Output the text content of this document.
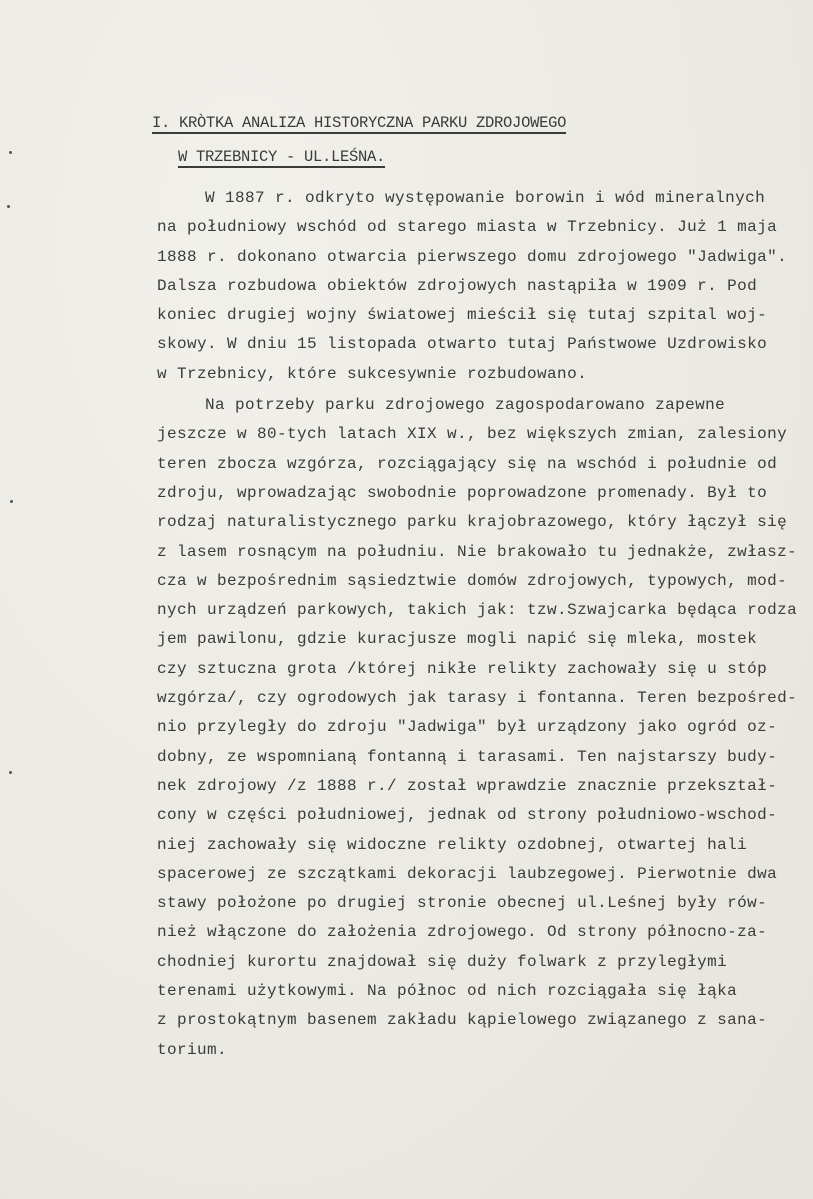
I. KRÒTKA ANALIZA HISTORYCZNA PARKU ZDROJOWEGO
W TRZEBNICY - UL.LEŚNA.
W 1887 r. odkryto występowanie borowin i wód mineralnych
na południowy wschód od starego miasta w Trzebnicy. Już 1 maja
1888 r. dokonano otwarcia pierwszego domu zdrojowego "Jadwiga".
Dalsza rozbudowa obiektów zdrojowych nastąpiła w 1909 r. Pod
koniec drugiej wojny światowej mieścił się tutaj szpital woj-
skowy. W dniu 15 listopada otwarto tutaj Państwowe Uzdrowisko
w Trzebnicy, które sukcesywnie rozbudowano.
Na potrzeby parku zdrojowego zagospodarowano zapewne
jeszcze w 80-tych latach XIX w., bez większych zmian, zalesiony
teren zbocza wzgórza, rozciągający się na wschód i południe od
zdroju, wprowadzając swobodnie poprowadzone promenady. Był to
rodzaj naturalistycznego parku krajobrazowego, który łączył się
z lasem rosnącym na południu. Nie brakowało tu jednakże, zwłasz-
cza w bezpośrednim sąsiedztwie domów zdrojowych, typowych, mod-
nych urządzeń parkowych, takich jak: tzw.Szwajcarka będąca rodza
jem pawilonu, gdzie kuracjusze mogli napić się mleka, mostek
czy sztuczna grota /której nikłe relikty zachowały się u stóp
wzgórza/, czy ogrodowych jak tarasy i fontanna. Teren bezpośred-
nio przyległy do zdroju "Jadwiga" był urządzony jako ogród oz-
dobny, ze wspomnianą fontanną i tarasami. Ten najstarszy budy-
nek zdrojowy /z 1888 r./ został wprawdzie znacznie przekształ-
cony w części południowej, jednak od strony południowo-wschod-
niej zachowały się widoczne relikty ozdobnej, otwartej hali
spacerowej ze szczątkami dekoracji laubzegowej. Pierwotnie dwa
stawy położone po drugiej stronie obecnej ul.Leśnej były rów-
nież włączone do założenia zdrojowego. Od strony północno-za-
chodniej kurortu znajdował się duży folwark z przyległymi
terenami użytkowymi. Na północ od nich rozciągała się łąka
z prostokątnym basenem zakładu kąpielowego związanego z sana-
torium.
